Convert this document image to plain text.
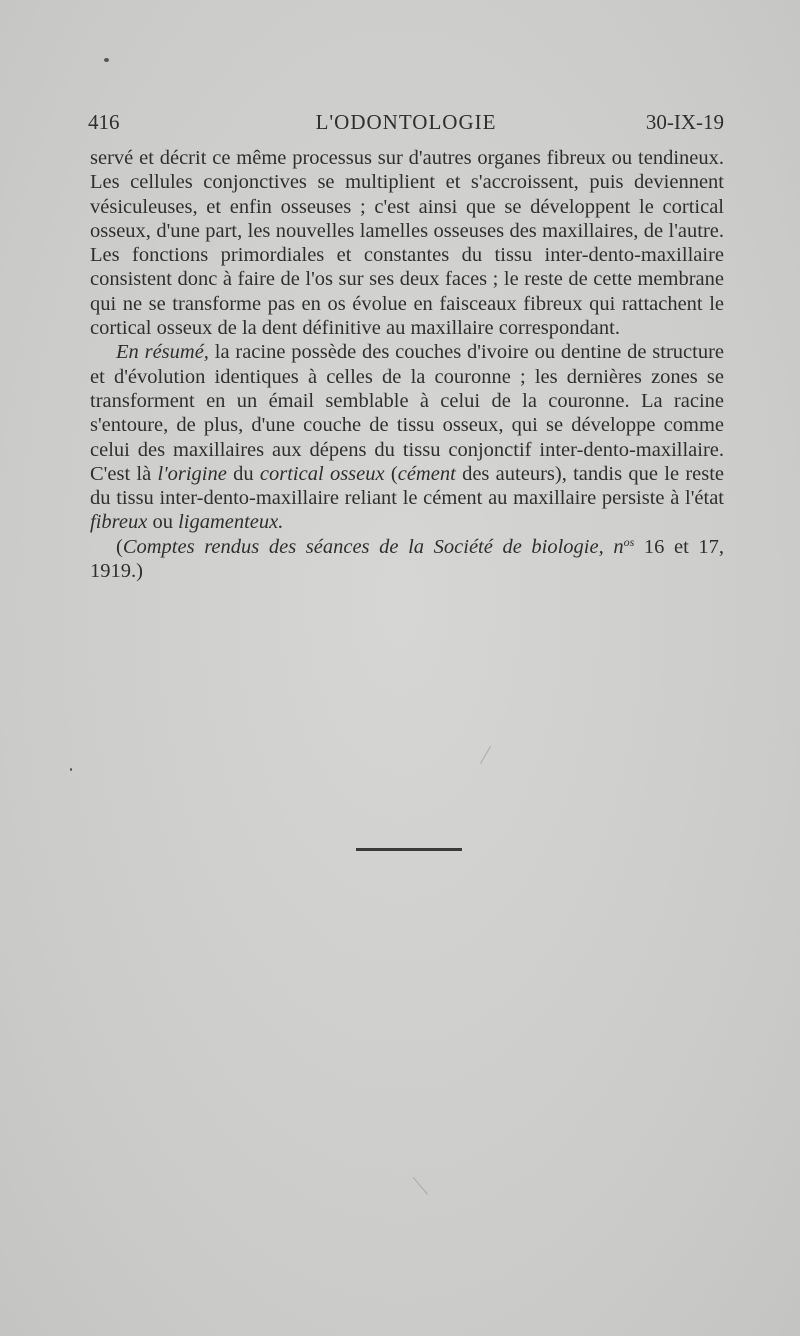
416	L'ODONTOLOGIE	30-IX-19

servé et décrit ce même processus sur d'autres organes fibreux ou tendineux. Les cellules conjonctives se multiplient et s'accroissent, puis deviennent vésiculeuses, et enfin osseuses ; c'est ainsi que se développent le cortical osseux, d'une part, les nouvelles lamelles osseuses des maxillaires, de l'autre. Les fonctions primordiales et constantes du tissu inter-dento-maxillaire consistent donc à faire de l'os sur ses deux faces ; le reste de cette membrane qui ne se transforme pas en os évolue en faisceaux fibreux qui rattachent le cortical osseux de la dent définitive au maxillaire correspondant.

En résumé, la racine possède des couches d'ivoire ou dentine de structure et d'évolution identiques à celles de la couronne ; les dernières zones se transforment en un émail semblable à celui de la couronne. La racine s'entoure, de plus, d'une couche de tissu osseux, qui se développe comme celui des maxillaires aux dépens du tissu conjonctif inter-dento-maxillaire. C'est là l'origine du cortical osseux (cément des auteurs), tandis que le reste du tissu inter-dento-maxillaire reliant le cément au maxillaire persiste à l'état fibreux ou ligamenteux.

(Comptes rendus des séances de la Société de biologie, $n^{os}$ 16 et 17, 1919.)
